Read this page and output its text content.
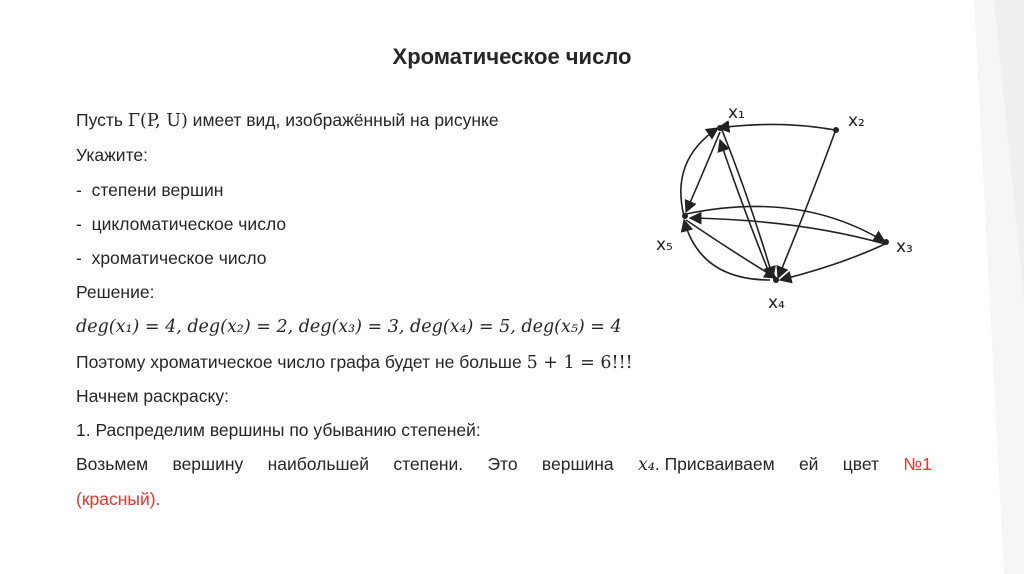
Хроматическое число
Пусть Γ(P, U) имеет вид, изображённый на рисунке
Укажите:
- степени вершин
- цикломатическое число
- хроматическое число
Решение:
deg(x₁) = 4, deg(x₂) = 2, deg(x₃) = 3, deg(x₄) = 5, deg(x₅) = 4
Поэтому хроматическое число графа будет не больше 5 + 1 = 6!!!
Начнем раскраску:
1. Распределим вершины по убыванию степеней:
Возьмем вершину наибольшей степени. Это вершина x₄. Присваиваем ей цвет №1
(красный).
x₁	x₂
x₃
x₄
x₅
